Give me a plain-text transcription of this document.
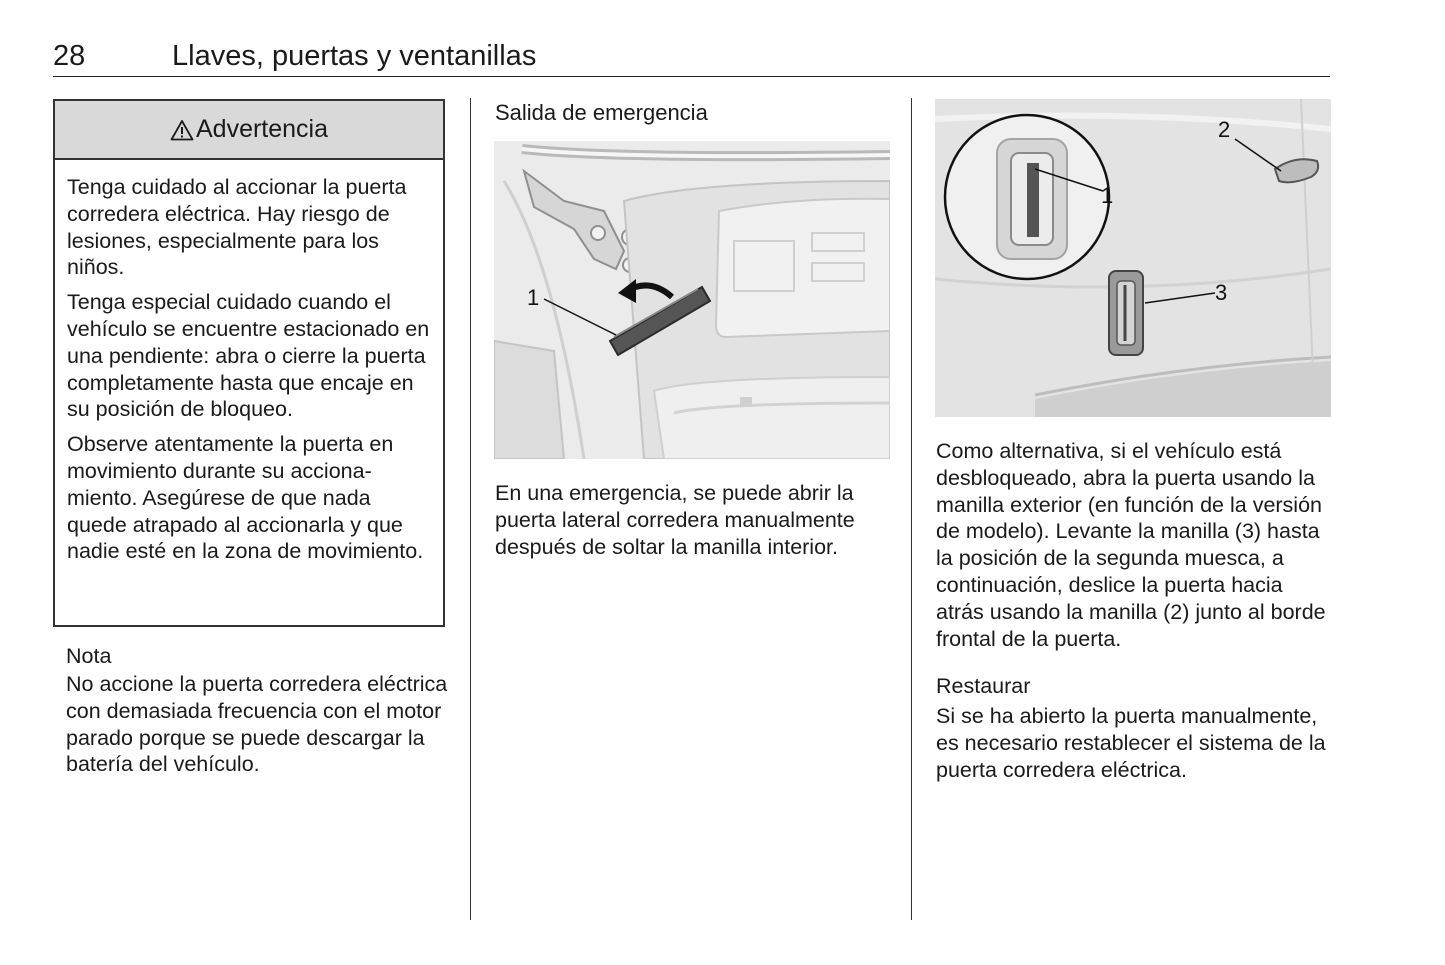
28	Llaves, puertas y ventanillas
Advertencia

Tenga cuidado al accionar la puerta corredera eléctrica. Hay riesgo de lesiones, especialmente para los niños.

Tenga especial cuidado cuando el vehículo se encuentre estacionado en una pendiente: abra o cierre la puerta completamente hasta que encaje en su posición de bloqueo.

Observe atentamente la puerta en movimiento durante su accionamiento. Asegúrese de que nada quede atrapado al accionarla y que nadie esté en la zona de movimiento.

Nota

No accione la puerta corredera eléctrica con demasiada frecuencia con el motor parado porque se puede descargar la batería del vehículo.

Salida de emergencia
1

En una emergencia, se puede abrir la puerta lateral corredera manualmente después de soltar la manilla interior.

1
2
3

Como alternativa, si el vehículo está desbloqueado, abra la puerta usando la manilla exterior (en función de la versión de modelo). Levante la manilla (3) hasta la posición de la segunda muesca, a continuación, deslice la puerta hacia atrás usando la manilla (2) junto al borde frontal de la puerta.

Restaurar

Si se ha abierto la puerta manualmente, es necesario restablecer el sistema de la puerta corredera eléctrica.
